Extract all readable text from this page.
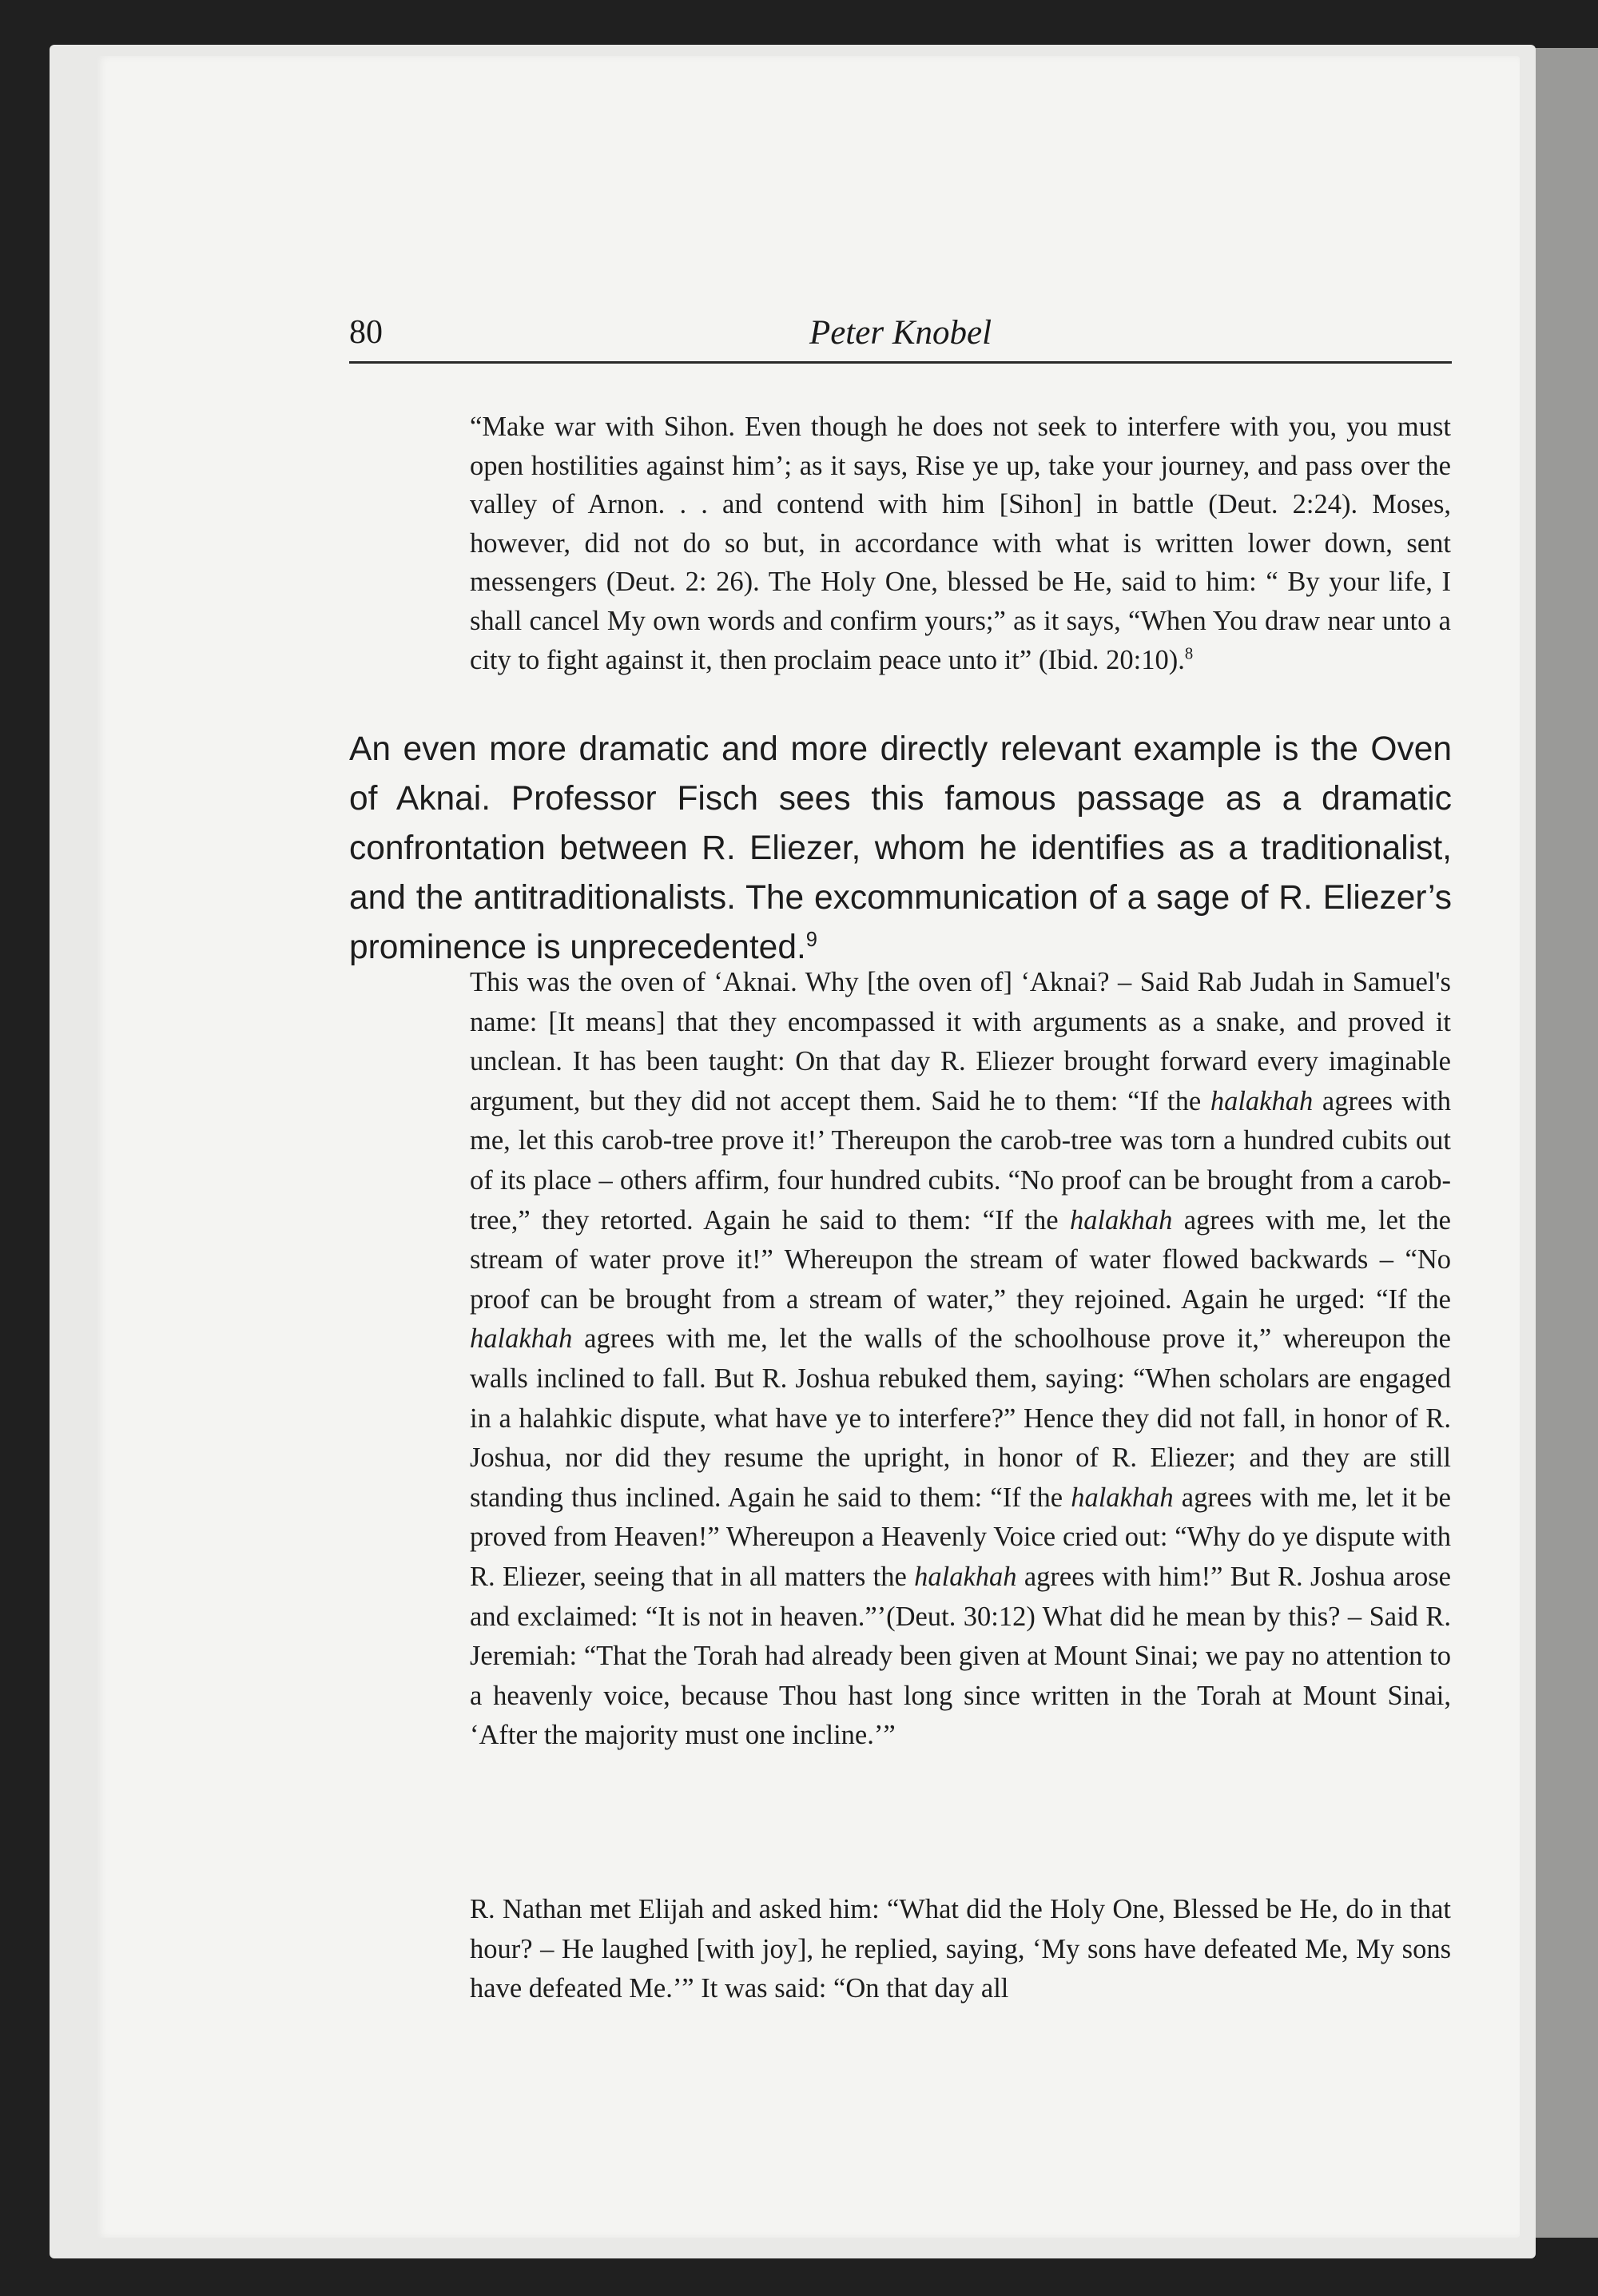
80	Peter Knobel
“Make war with Sihon. Even though he does not seek to interfere with you, you must open hostilities against him’; as it says, Rise ye up, take your journey, and pass over the valley of Arnon. . . and contend with him [Sihon] in battle (Deut. 2:24). Moses, however, did not do so but, in accordance with what is written lower down, sent messengers (Deut. 2: 26). The Holy One, blessed be He, said to him: “ By your life, I shall cancel My own words and confirm yours;” as it says, “When You draw near unto a city to fight against it, then proclaim peace unto it” (Ibid. 20:10).$^8$
An even more dramatic and more directly relevant example is the Oven of Aknai. Professor Fisch sees this famous passage as a dramatic confrontation between R. Eliezer, whom he identifies as a traditionalist, and the antitraditionalists. The excommunication of a sage of R. Eliezer’s prominence is unprecedented.$^9$
This was the oven of ‘Aknai. Why [the oven of] ‘Aknai? – Said Rab Judah in Samuel's name: [It means] that they encompassed it with arguments as a snake, and proved it unclean. It has been taught: On that day R. Eliezer brought forward every imaginable argument, but they did not accept them. Said he to them: “If the halakhah agrees with me, let this carob-tree prove it!’ Thereupon the carob-tree was torn a hundred cubits out of its place – others affirm, four hundred cubits. “No proof can be brought from a carob-tree,” they retorted. Again he said to them: “If the halakhah agrees with me, let the stream of water prove it!” Whereupon the stream of water flowed backwards – “No proof can be brought from a stream of water,” they rejoined. Again he urged: “If the halakhah agrees with me, let the walls of the schoolhouse prove it,” whereupon the walls inclined to fall. But R. Joshua rebuked them, saying: “When scholars are engaged in a halahkic dispute, what have ye to interfere?” Hence they did not fall, in honor of R. Joshua, nor did they resume the upright, in honor of R. Eliezer; and they are still standing thus inclined. Again he said to them: “If the halakhah agrees with me, let it be proved from Heaven!” Whereupon a Heavenly Voice cried out: “Why do ye dispute with R. Eliezer, seeing that in all matters the halakhah agrees with him!” But R. Joshua arose and exclaimed: “It is not in heaven.”’(Deut. 30:12) What did he mean by this? – Said R. Jeremiah: “That the Torah had already been given at Mount Sinai; we pay no attention to a heavenly voice, because Thou hast long since written in the Torah at Mount Sinai, ‘After the majority must one incline.’”
R. Nathan met Elijah and asked him: “What did the Holy One, Blessed be He, do in that hour? – He laughed [with joy], he replied, saying, ‘My sons have defeated Me, My sons have defeated Me.’” It was said: “On that day all
